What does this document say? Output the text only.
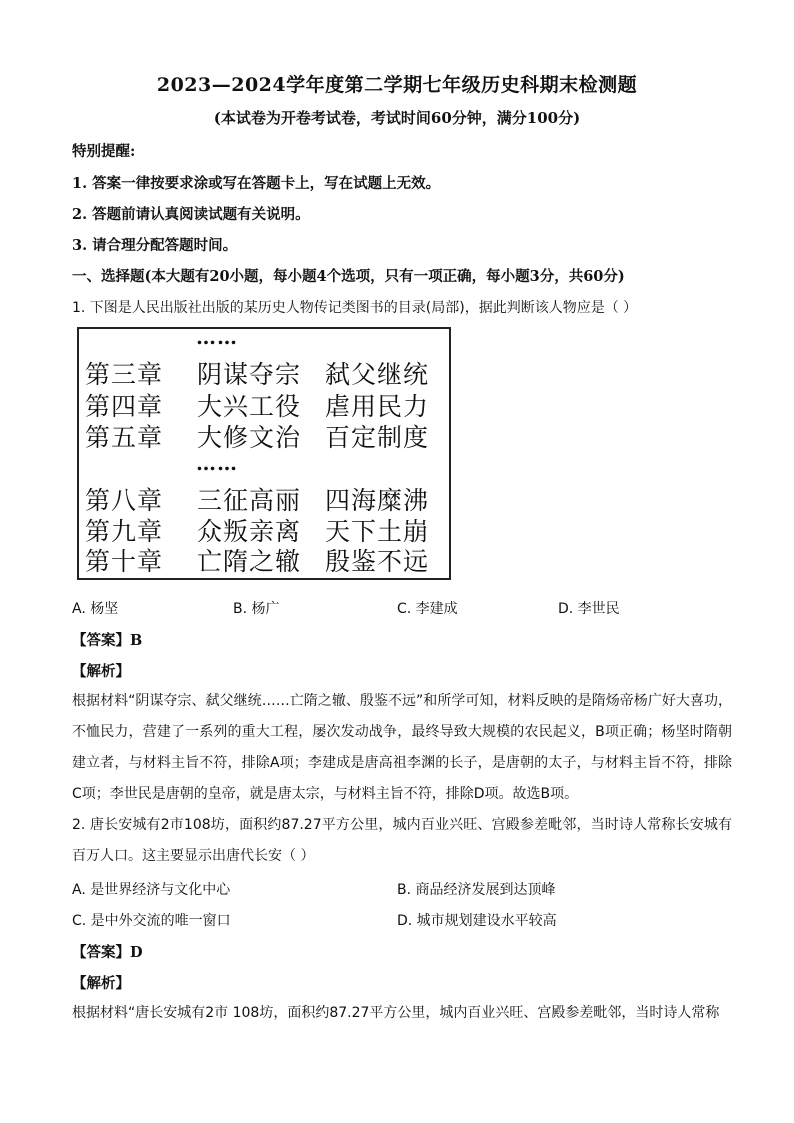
2023—2024学年度第二学期七年级历史科期末检测题
(本试卷为开卷考试卷，考试时间60分钟，满分100分)
特别提醒:
1. 答案一律按要求涂或写在答题卡上，写在试题上无效。
2. 答题前请认真阅读试题有关说明。
3. 请合理分配答题时间。
一、选择题(本大题有20小题，每小题4个选项，只有一项正确，每小题3分，共60分)
1. 下图是人民出版社出版的某历史人物传记类图书的目录(局部)，据此判断该人物应是（ ）
……
第三章 阴谋夺宗 弑父继统
第四章 大兴工役 虐用民力
第五章 大修文治 百定制度
……
第八章 三征高丽 四海糜沸
第九章 众叛亲离 天下土崩
第十章 亡隋之辙 殷鉴不远
A. 杨坚	B. 杨广	C. 李建成	D. 李世民
【答案】B
【解析】
根据材料“阴谋夺宗、弑父继统……亡隋之辙、殷鉴不远”和所学可知，材料反映的是隋炀帝杨广好大喜功，不恤民力，营建了一系列的重大工程，屡次发动战争，最终导致大规模的农民起义，B项正确；杨坚时隋朝建立者，与材料主旨不符，排除A项；李建成是唐高祖李渊的长子，是唐朝的太子，与材料主旨不符，排除C项；李世民是唐朝的皇帝，就是唐太宗，与材料主旨不符，排除D项。故选B项。
2. 唐长安城有2市108坊，面积约87.27平方公里，城内百业兴旺、宫殿参差毗邻，当时诗人常称长安城有百万人口。这主要显示出唐代长安（ ）
A. 是世界经济与文化中心	B. 商品经济发展到达顶峰
C. 是中外交流的唯一窗口	D. 城市规划建设水平较高
【答案】D
【解析】
根据材料“唐长安城有2市 108坊，面积约87.27平方公里，城内百业兴旺、宫殿参差毗邻，当时诗人常称
